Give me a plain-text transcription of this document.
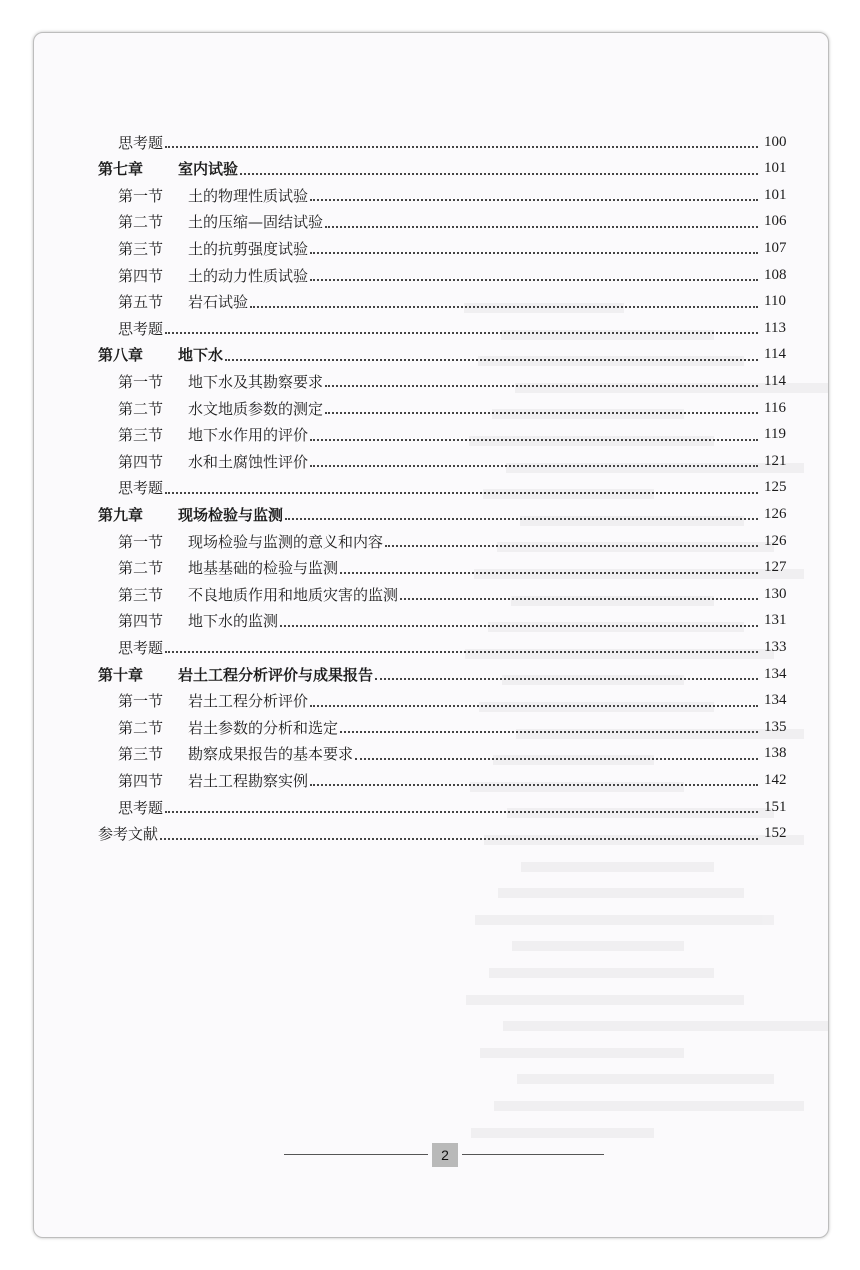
思考题	100
第七章	室内试验	101
第一节	土的物理性质试验	101
第二节	土的压缩—固结试验	106
第三节	土的抗剪强度试验	107
第四节	土的动力性质试验	108
第五节	岩石试验	110
思考题	113
第八章	地下水	114
第一节	地下水及其勘察要求	114
第二节	水文地质参数的测定	116
第三节	地下水作用的评价	119
第四节	水和土腐蚀性评价	121
思考题	125
第九章	现场检验与监测	126
第一节	现场检验与监测的意义和内容	126
第二节	地基基础的检验与监测	127
第三节	不良地质作用和地质灾害的监测	130
第四节	地下水的监测	131
思考题	133
第十章	岩土工程分析评价与成果报告	134
第一节	岩土工程分析评价	134
第二节	岩土参数的分析和选定	135
第三节	勘察成果报告的基本要求	138
第四节	岩土工程勘察实例	142
思考题	151
参考文献	152
2
